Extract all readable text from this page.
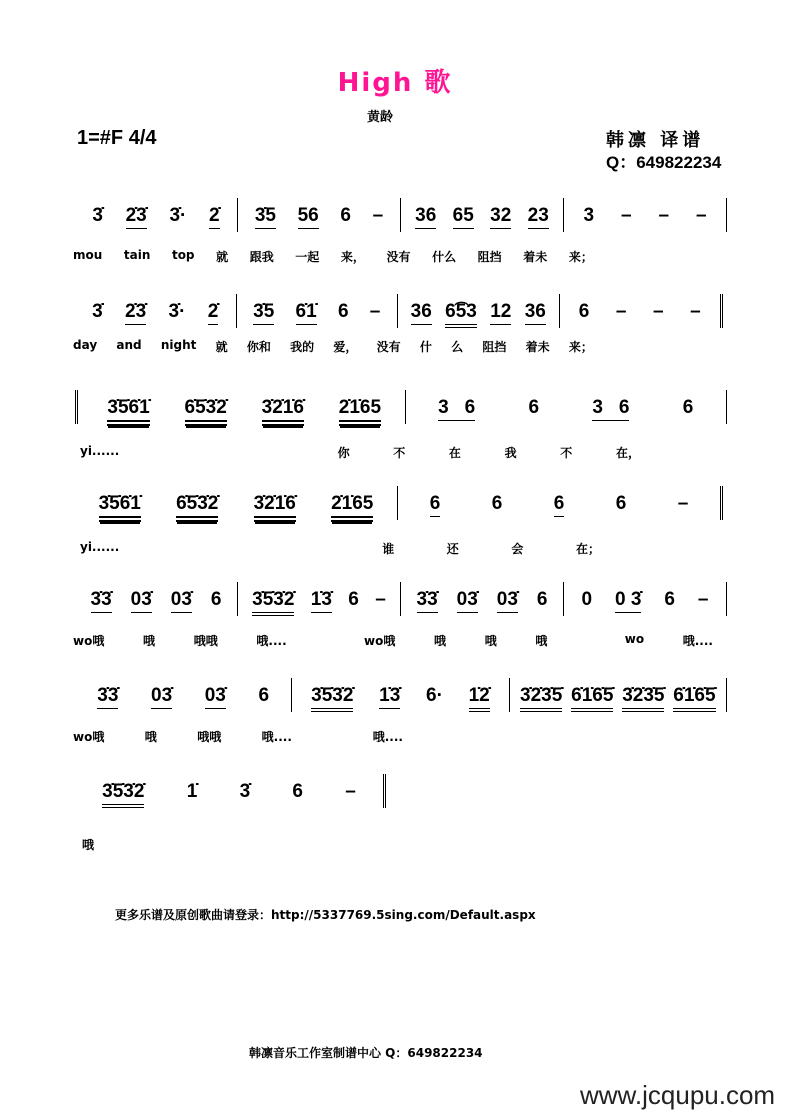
High 歌
黄龄
1=#F 4/4	韩凛 译谱
Q：649822234
3̇ 2̇3̇ 3̇· 2̇ 3̇5 56 6 – 36 65 32 23 3 – – –
3̇ 2̇3̇ 3̇· 2̇ 3̇5 6̇1̇ 6 – 36 6͡53 12 36 6 – – –
3̇5̇6̇1̇ 6̇5̇3̇2̇ 3̇2̇1̇6̇ 2̇1̇65	3   6	6	3   6	6
3̇5̇6̇1̇ 6̇5̇3̇2̇ 3̇2̇1̇6̇ 2̇1̇65	6	6	6	6	–
3̇3̇ 03̇ 03̇ 6 3̇5̇3̇2̇ 1̇3̇ 6 – 3̇3̇ 03̇ 03̇ 6 0 0 3̇ 6 –
3̇3̇ 03̇ 03̇ 6 3̇5̇3̇2̇ 1̇3̇ 6· 1̇2̇ 3̇2̇3̇5̇ 6̇1̇6̇5̇ 3̇2̇3̇5̇ 6̇1̇6̇5̇
3̇5̇3̇2̇ 1̇ 3̇ 6 –
mou tain top 就 跟我 一起 来， 没有 什么 阻挡 着未 来；
day and night 就 你和 我的 爱， 没有 什 么 阻挡 着未 来；
yi......	你	不	在	我	不	在，
yi......	谁	还	会	在；
wo哦	哦	哦哦	哦....	wo哦	哦	哦	哦	wo	哦....
wo哦	哦	哦哦	哦....	哦....
哦
更多乐谱及原创歌曲请登录：http://5337769.5sing.com/Default.aspx
韩凛音乐工作室制谱中心 Q：649822234
www.jcqupu.com
